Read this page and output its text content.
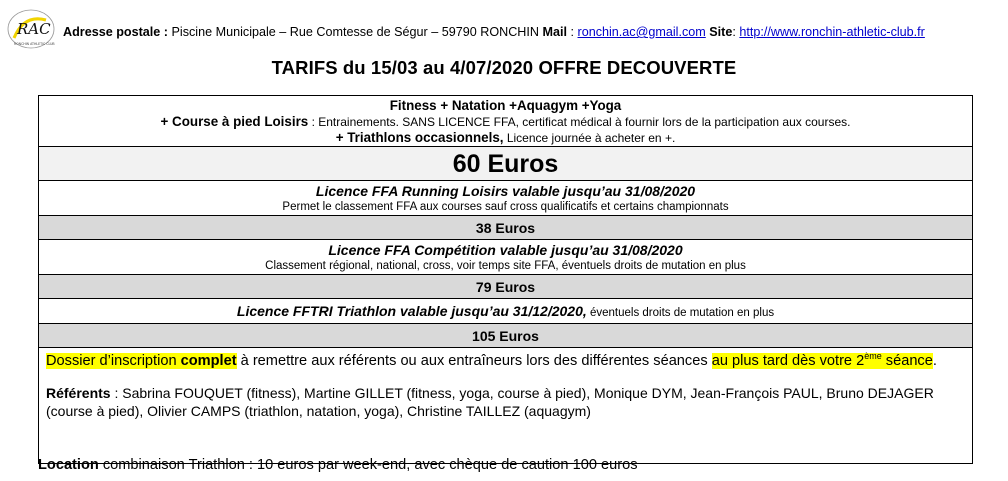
RAC
RONCHIN ATHLETIC CLUB
Adresse postale : Piscine Municipale – Rue Comtesse de Ségur – 59790 RONCHIN Mail : ronchin.ac@gmail.com Site: http://www.ronchin-athletic-club.fr
TARIFS du 15/03 au 4/07/2020 OFFRE DECOUVERTE
Fitness + Natation +Aquagym +Yoga
+ Course à pied Loisirs : Entrainements. SANS LICENCE FFA, certificat médical à fournir lors de la participation aux courses.
+ Triathlons occasionnels, Licence journée à acheter en +.
60 Euros
Licence FFA Running Loisirs valable jusqu’au 31/08/2020
Permet le classement FFA aux courses sauf cross qualificatifs et certains championnats
38 Euros
Licence FFA Compétition valable jusqu’au 31/08/2020
Classement régional, national, cross, voir temps site FFA, éventuels droits de mutation en plus
79 Euros
Licence FFTRI Triathlon valable jusqu’au 31/12/2020, éventuels droits de mutation en plus
105 Euros
Dossier d’inscription complet à remettre aux référents ou aux entraîneurs lors des différentes séances au plus tard dès votre 2ème séance.
Référents : Sabrina FOUQUET (fitness), Martine GILLET (fitness, yoga, course à pied), Monique DYM, Jean-François PAUL, Bruno DEJAGER (course à pied), Olivier CAMPS (triathlon, natation, yoga), Christine TAILLEZ (aquagym)
Location combinaison Triathlon : 10 euros par week-end, avec chèque de caution 100 euros
